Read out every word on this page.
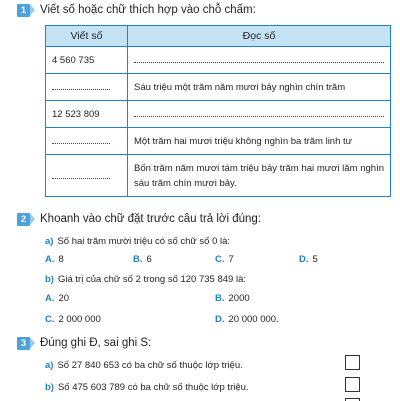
1	Viết số hoặc chữ thích hợp vào chỗ chấm:
Viết số	Đọc số
4 560 735	
	Sáu triệu một trăm năm mươi bảy nghìn chín trăm
12 523 809	
	Một trăm hai mươi triệu không nghìn ba trăm linh tư
	Bốn trăm năm mươi tám triệu bảy trăm hai mươi lăm nghìn sáu trăm chín mươi bảy.
2	Khoanh vào chữ đặt trước câu trả lời đúng:
a) Số hai trăm mười triệu có số chữ số 0 là:
A. 8	B. 6	C. 7	D. 5
b) Giá trị của chữ số 2 trong số 120 735 849 là:
A. 20	B. 2000
C. 2 000 000	D. 20 000 000.
3	Đúng ghi Đ, sai ghi S:
a) Số 27 840 653 có ba chữ số thuộc lớp triệu.
b) Số 475 603 789 có ba chữ số thuộc lớp triệu.
